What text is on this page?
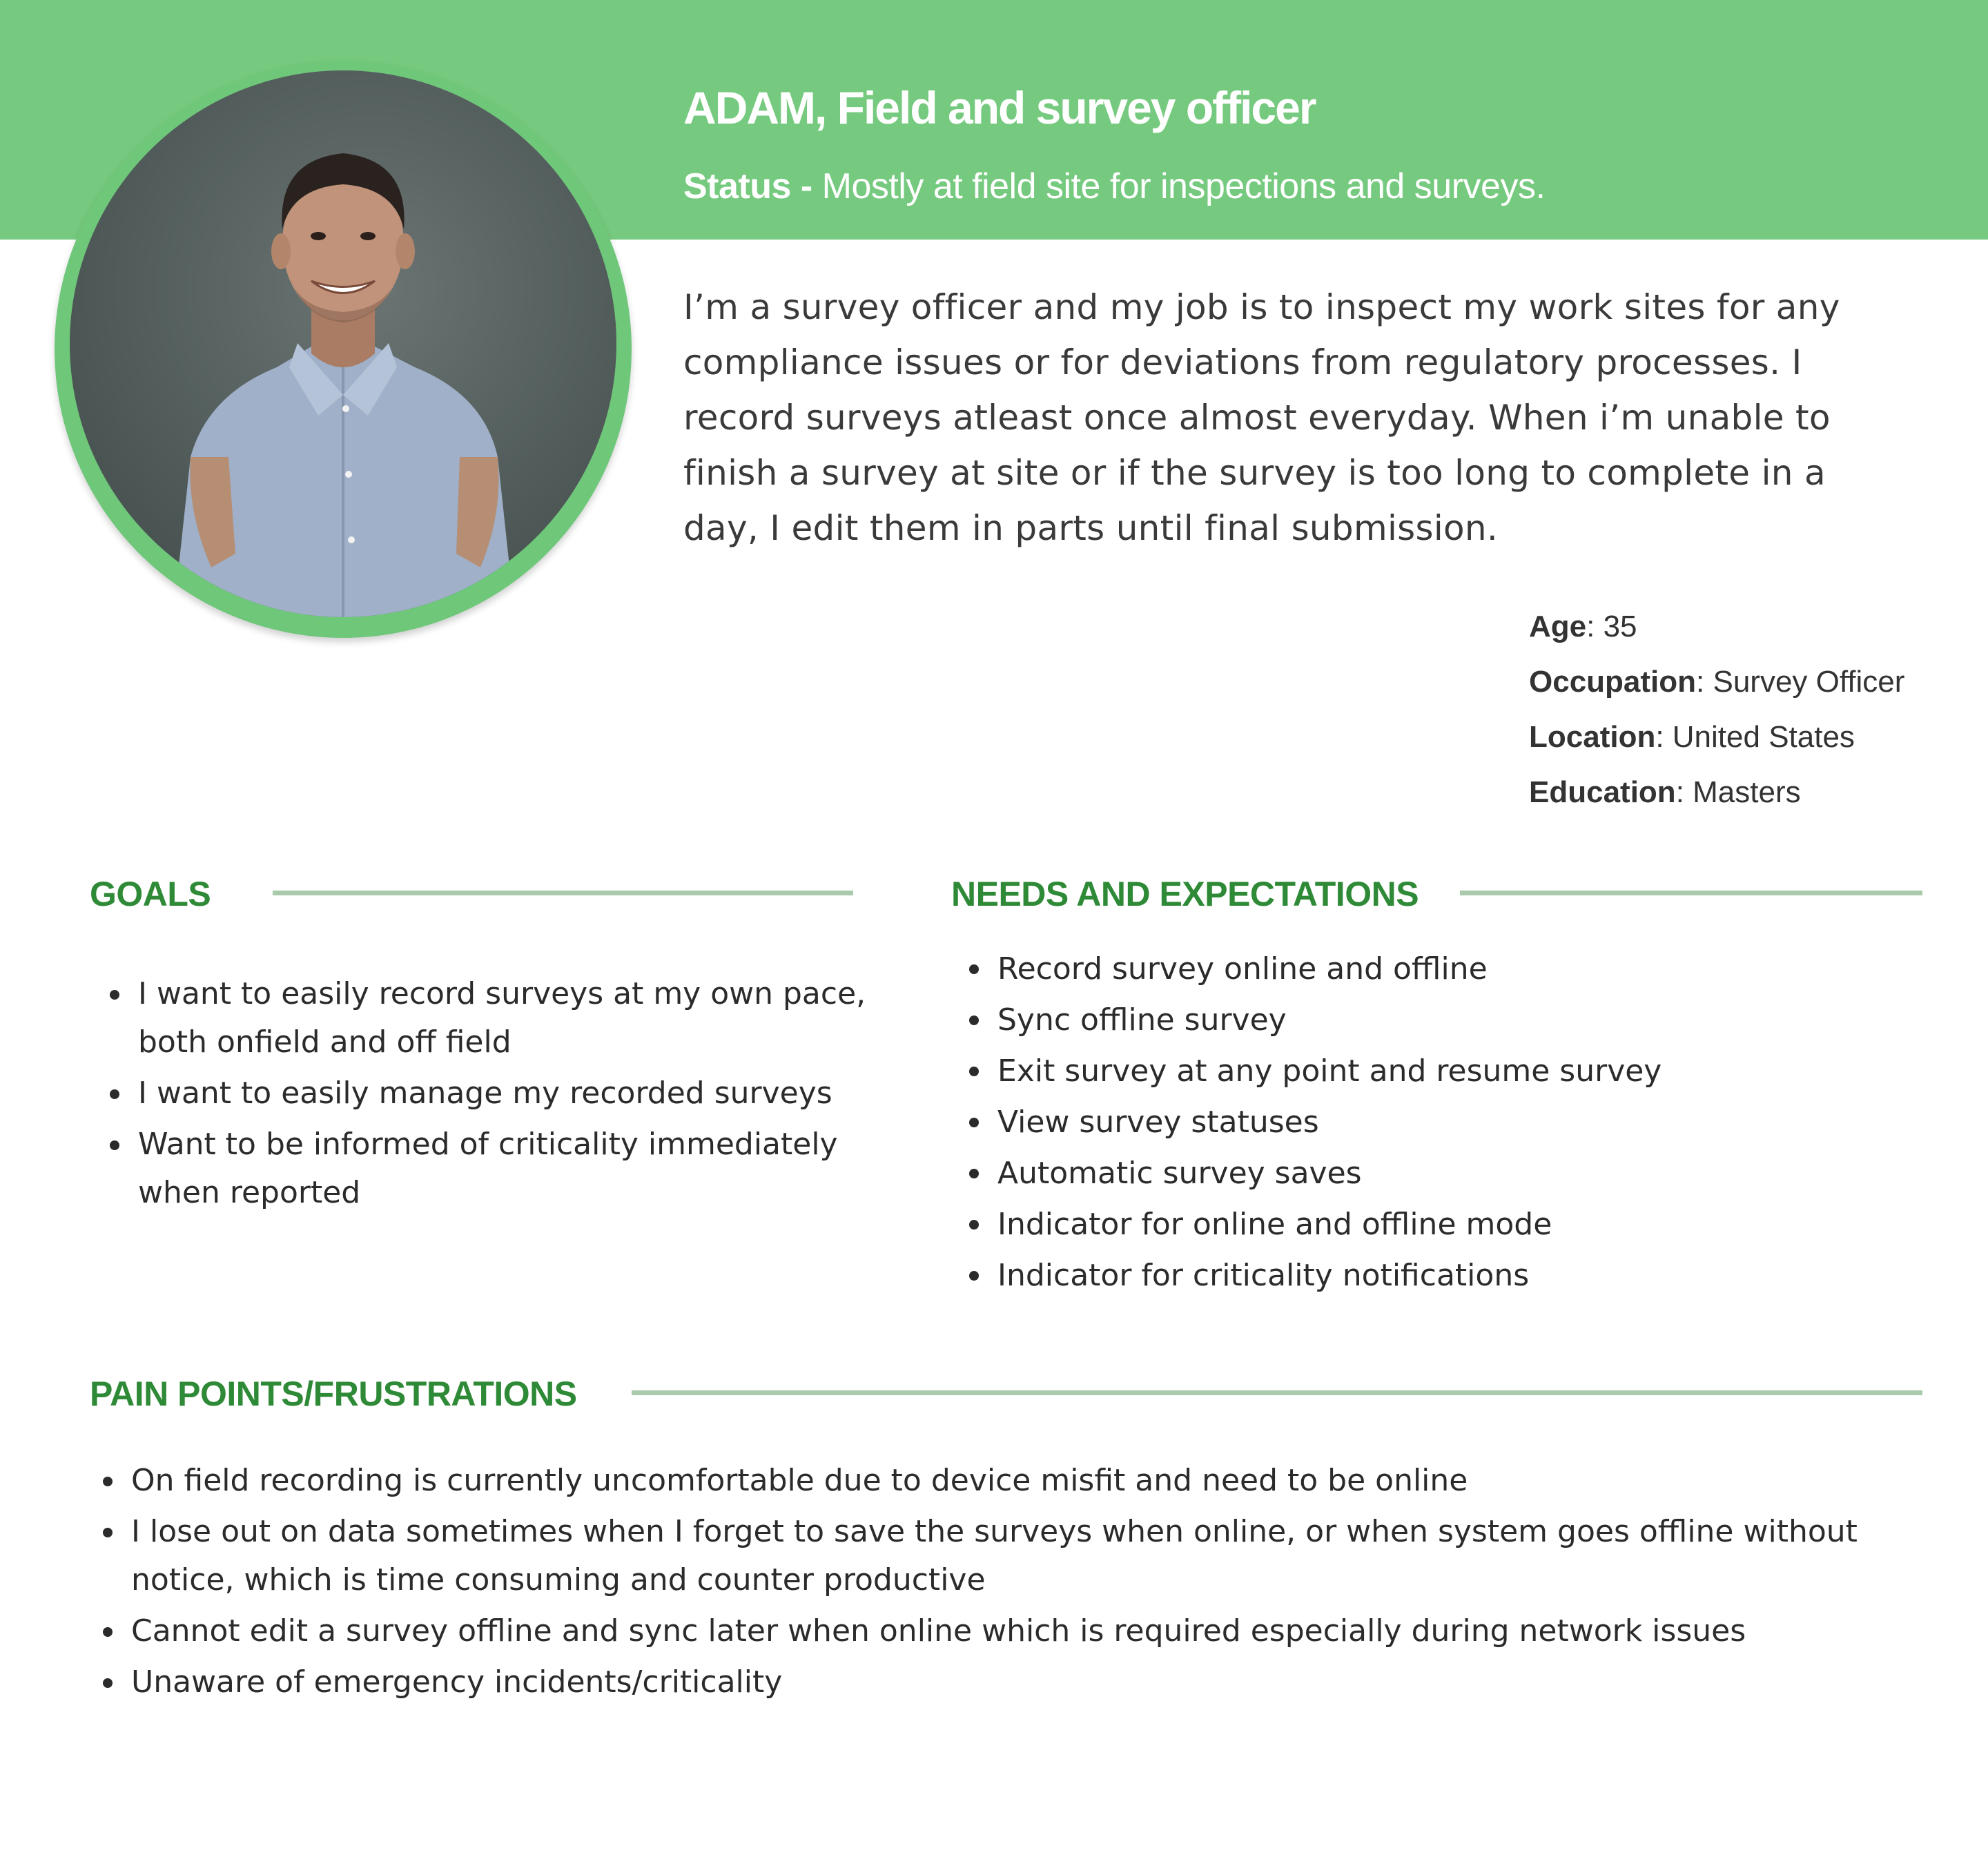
ADAM, Field and survey officer
Status - Mostly at field site for inspections and surveys.
I’m a survey officer and my job is to inspect my work sites for any
compliance issues or for deviations from regulatory processes. I
record surveys atleast once almost everyday. When i’m unable to
finish a survey at site or if the survey is too long to complete in a
day, I edit them in parts until final submission.
Age: 35
Occupation: Survey Officer
Location: United States
Education: Masters
GOALS
I want to easily record surveys at my own pace,
both onfield and off field
I want to easily manage my recorded surveys
Want to be informed of criticality immediately
when reported
NEEDS AND EXPECTATIONS
Record survey online and offline
Sync offline survey
Exit survey at any point and resume survey
View survey statuses
Automatic survey saves
Indicator for online and offline mode
Indicator for criticality notifications
PAIN POINTS/FRUSTRATIONS
On field recording is currently uncomfortable due to device misfit and need to be online
I lose out on data sometimes when I forget to save the surveys when online, or when system goes offline without
notice, which is time consuming and counter productive
Cannot edit a survey offline and sync later when online which is required especially during network issues
Unaware of emergency incidents/criticality
